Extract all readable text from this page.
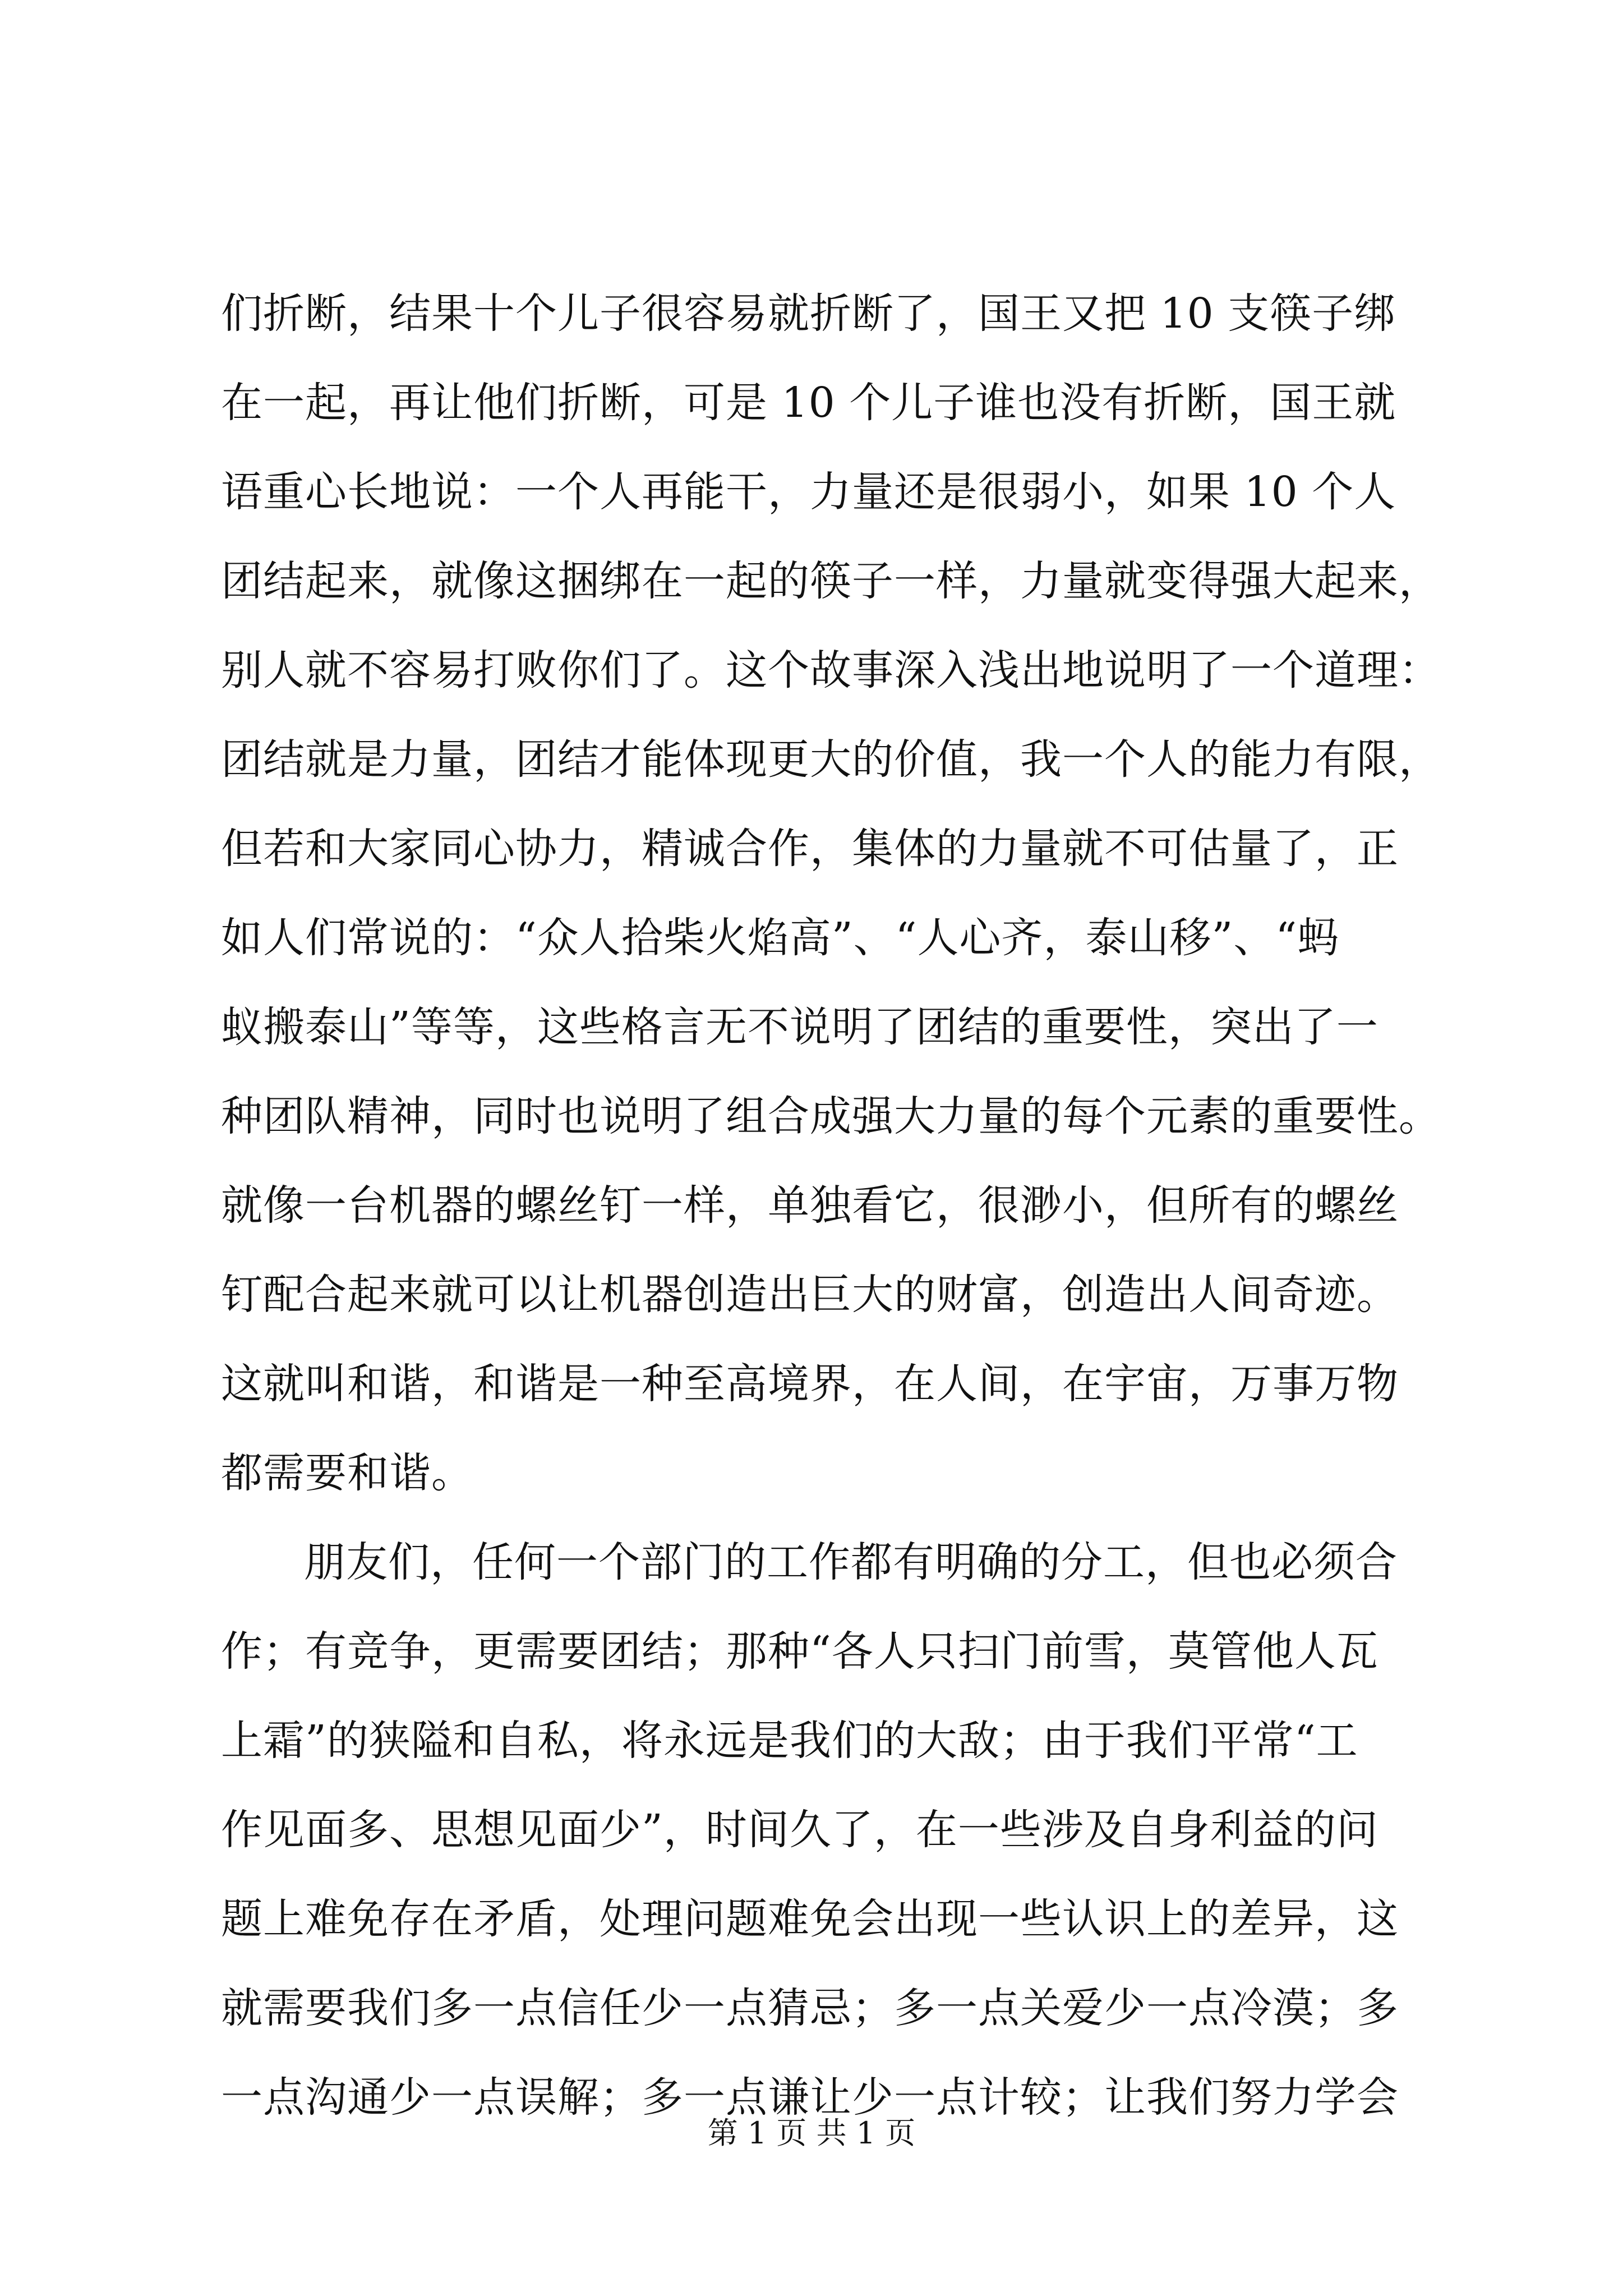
们折断，结果十个儿子很容易就折断了，国王又把 10 支筷子绑
在一起，再让他们折断，可是 10 个儿子谁也没有折断，国王就
语重心长地说：一个人再能干，力量还是很弱小，如果 10 个人
团结起来，就像这捆绑在一起的筷子一样，力量就变得强大起来，
别人就不容易打败你们了。这个故事深入浅出地说明了一个道理：
团结就是力量，团结才能体现更大的价值，我一个人的能力有限，
但若和大家同心协力，精诚合作，集体的力量就不可估量了，正
如人们常说的：“众人拾柴火焰高”、“人心齐，泰山移”、“蚂
蚁搬泰山”等等，这些格言无不说明了团结的重要性，突出了一
种团队精神，同时也说明了组合成强大力量的每个元素的重要性。
就像一台机器的螺丝钉一样，单独看它，很渺小，但所有的螺丝
钉配合起来就可以让机器创造出巨大的财富，创造出人间奇迹。
这就叫和谐，和谐是一种至高境界，在人间，在宇宙，万事万物
都需要和谐。
朋友们，任何一个部门的工作都有明确的分工，但也必须合
作；有竞争，更需要团结；那种“各人只扫门前雪，莫管他人瓦
上霜”的狭隘和自私，将永远是我们的大敌；由于我们平常“工
作见面多、思想见面少”，时间久了，在一些涉及自身利益的问
题上难免存在矛盾，处理问题难免会出现一些认识上的差异，这
就需要我们多一点信任少一点猜忌；多一点关爱少一点冷漠；多
一点沟通少一点误解；多一点谦让少一点计较；让我们努力学会
第 1 页 共 1 页
